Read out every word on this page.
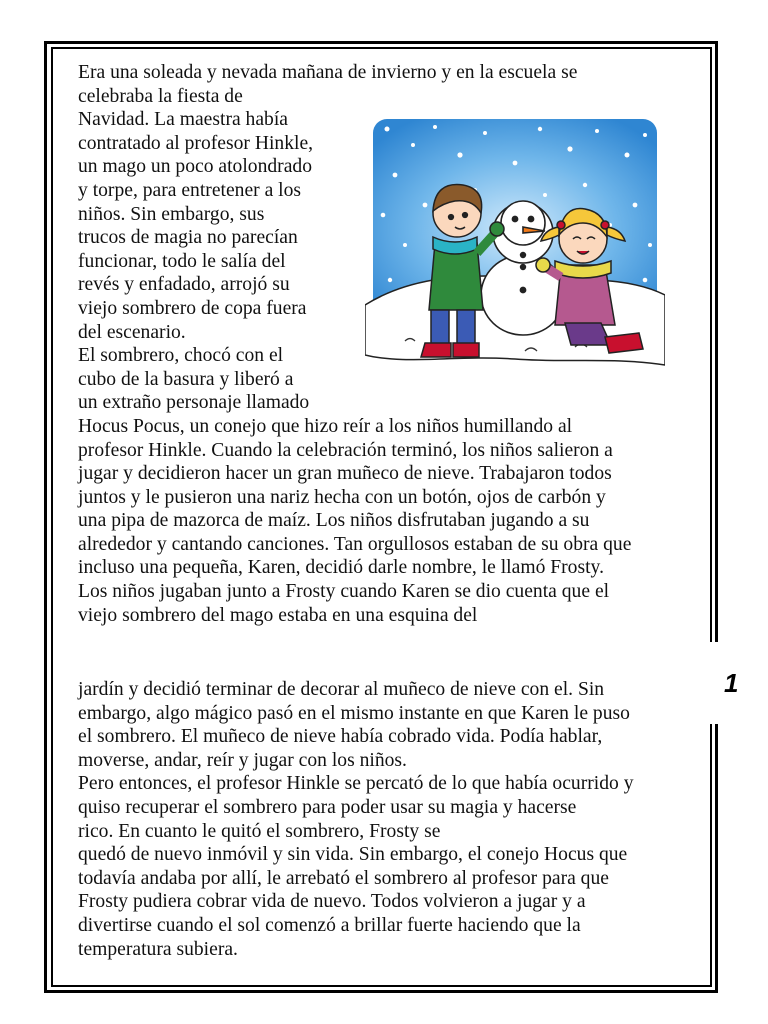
1
Era una soleada y nevada mañana de invierno y en la escuela se
celebraba la fiesta de
Navidad. La maestra había
contratado al profesor Hinkle,
un mago un poco atolondrado
y torpe, para entretener a los
niños. Sin embargo, sus
trucos de magia no parecían
funcionar, todo le salía del
revés y enfadado, arrojó su
viejo sombrero de copa fuera
del escenario.
El sombrero, chocó con el
cubo de la basura y liberó a
un extraño personaje llamado
Hocus Pocus, un conejo que hizo reír a los niños humillando al
profesor Hinkle. Cuando la celebración terminó, los niños salieron a
jugar y decidieron hacer un gran muñeco de nieve. Trabajaron todos
juntos y le pusieron una nariz hecha con un botón, ojos de carbón y
una pipa de mazorca de maíz. Los niños disfrutaban jugando a su
alrededor y cantando canciones. Tan orgullosos estaban de su obra que
incluso una pequeña, Karen, decidió darle nombre, le llamó Frosty.
Los niños jugaban junto a Frosty cuando Karen se dio cuenta que el
viejo sombrero del mago estaba en una esquina del
jardín y decidió terminar de decorar al muñeco de nieve con el. Sin
embargo, algo mágico pasó en el mismo instante en que Karen le puso
el sombrero. El muñeco de nieve había cobrado vida. Podía hablar,
moverse, andar, reír y jugar con los niños.
Pero entonces, el profesor Hinkle se percató de lo que había ocurrido y
quiso recuperar el sombrero para poder usar su magia y hacerse
rico. En cuanto le quitó el sombrero, Frosty se
quedó de nuevo inmóvil y sin vida. Sin embargo, el conejo Hocus que
todavía andaba por allí, le arrebató el sombrero al profesor para que
Frosty pudiera cobrar vida de nuevo. Todos volvieron a jugar y a
divertirse cuando el sol comenzó a brillar fuerte haciendo que la
temperatura subiera.
